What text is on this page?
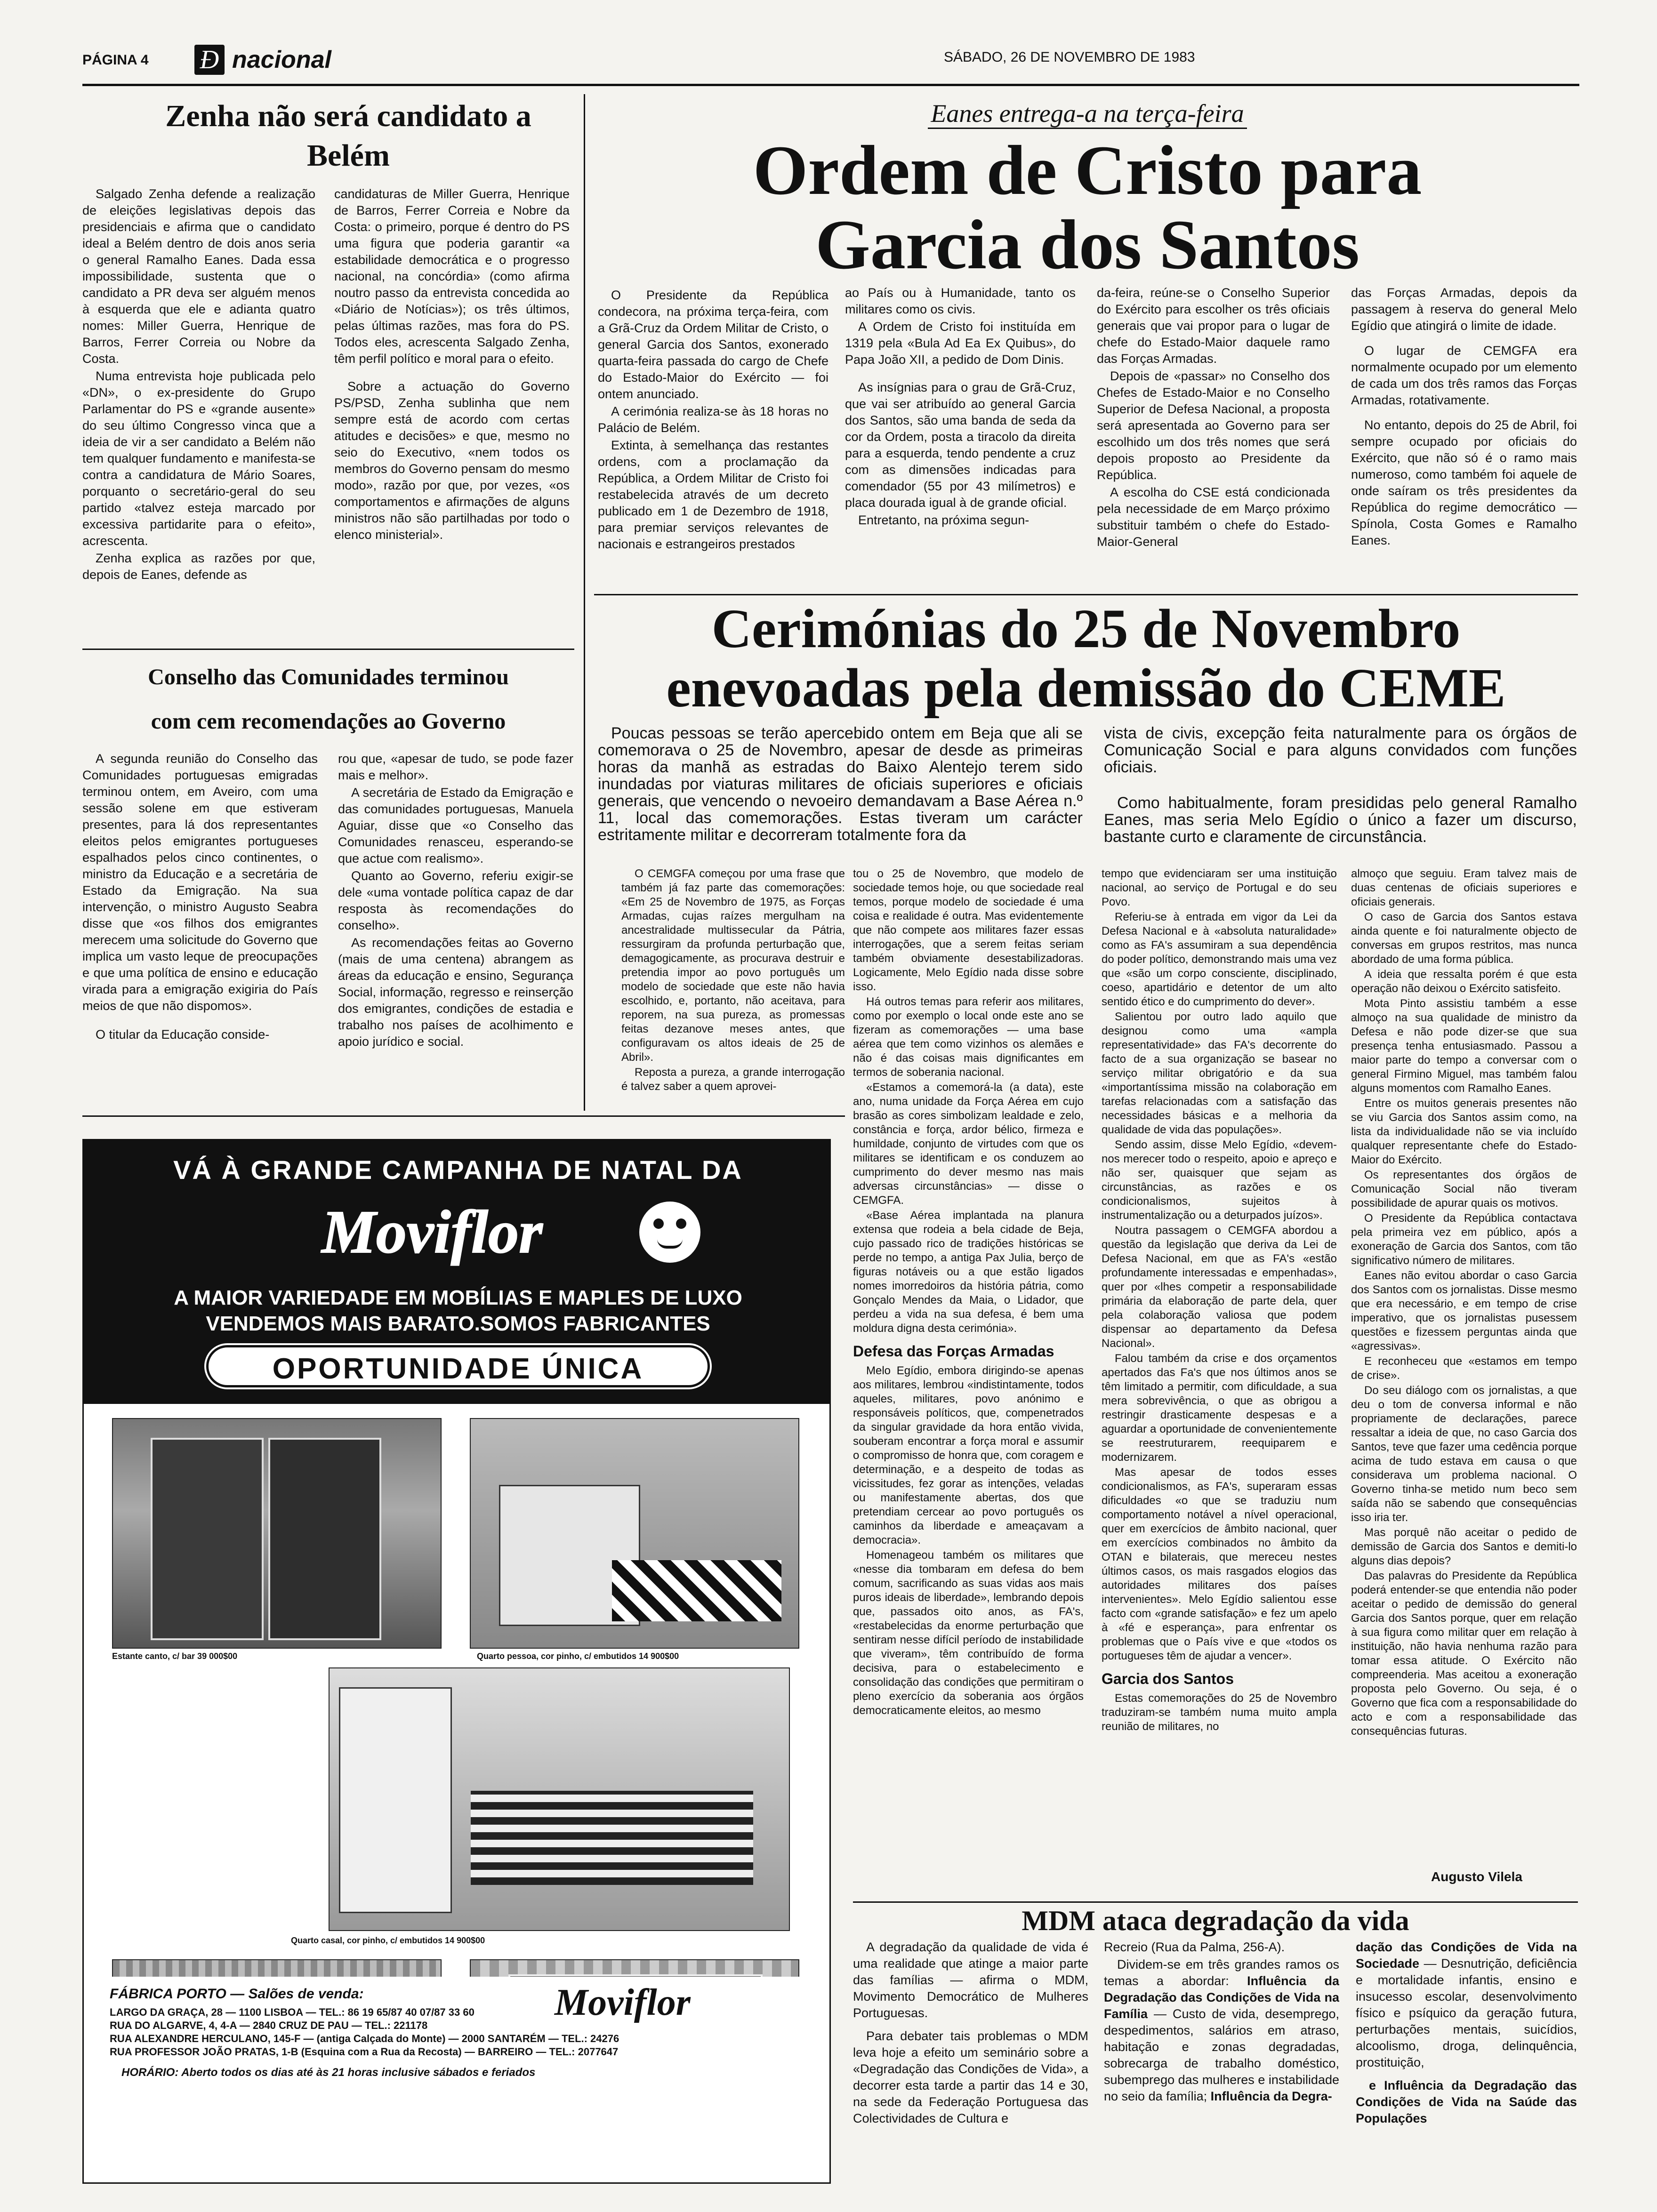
PÁGINA 4 Ɖ nacional	SÁBADO, 26 DE NOVEMBRO DE 1983
Zenha não será candidato a Belém

Salgado Zenha defende a realização de eleições legislativas depois das presidenciais e afirma que o candidato ideal a Belém dentro de dois anos seria o general Ramalho Eanes. Dada essa impossibilidade, sustenta que o candidato a PR deva ser alguém menos à esquerda que ele e adianta quatro nomes: Miller Guerra, Henrique de Barros, Ferrer Correia ou Nobre da Costa.

Numa entrevista hoje publicada pelo «DN», o ex-presidente do Grupo Parlamentar do PS e «grande ausente» do seu último Congresso vinca que a ideia de vir a ser candidato a Belém não tem qualquer fundamento e manifesta-se contra a candidatura de Mário Soares, porquanto o secretário-geral do seu partido «talvez esteja marcado por excessiva partidarite para o efeito», acrescenta.

Zenha explica as razões por que, depois de Eanes, defende as

candidaturas de Miller Guerra, Henrique de Barros, Ferrer Correia e Nobre da Costa: o primeiro, porque é dentro do PS uma figura que poderia garantir «a estabilidade democrática e o progresso nacional, na concórdia» (como afirma noutro passo da entrevista concedida ao «Diário de Notícias»); os três últimos, pelas últimas razões, mas fora do PS. Todos eles, acrescenta Salgado Zenha, têm perfil político e moral para o efeito.

Sobre a actuação do Governo PS/PSD, Zenha sublinha que nem sempre está de acordo com certas atitudes e decisões» e que, mesmo no seio do Executivo, «nem todos os membros do Governo pensam do mesmo modo», razão por que, por vezes, «os comportamentos e afirmações de alguns ministros não são partilhadas por todo o elenco ministerial».

Eanes entrega-a na terça-feira
Ordem de Cristo para
Garcia dos Santos

O Presidente da República condecora, na próxima terça-feira, com a Grã-Cruz da Ordem Militar de Cristo, o general Garcia dos Santos, exonerado quarta-feira passada do cargo de Chefe do Estado-Maior do Exército — foi ontem anunciado.

A cerimónia realiza-se às 18 horas no Palácio de Belém.

Extinta, à semelhança das restantes ordens, com a proclamação da República, a Ordem Militar de Cristo foi restabelecida através de um decreto publicado em 1 de Dezembro de 1918, para premiar serviços relevantes de nacionais e estrangeiros prestados

ao País ou à Humanidade, tanto os militares como os civis.

A Ordem de Cristo foi instituída em 1319 pela «Bula Ad Ea Ex Quibus», do Papa João XII, a pedido de Dom Dinis.

As insígnias para o grau de Grã-Cruz, que vai ser atribuído ao general Garcia dos Santos, são uma banda de seda da cor da Ordem, posta a tiracolo da direita para a esquerda, tendo pendente a cruz com as dimensões indicadas para comendador (55 por 43 milímetros) e placa dourada igual à de grande oficial.

Entretanto, na próxima segun-

da-feira, reúne-se o Conselho Superior do Exército para escolher os três oficiais generais que vai propor para o lugar de chefe do Estado-Maior daquele ramo das Forças Armadas.

Depois de «passar» no Conselho dos Chefes de Estado-Maior e no Conselho Superior de Defesa Nacional, a proposta será apresentada ao Governo para ser escolhido um dos três nomes que será depois proposto ao Presidente da República.

A escolha do CSE está condicionada pela necessidade de em Março próximo substituir também o chefe do Estado-Maior-General

das Forças Armadas, depois da passagem à reserva do general Melo Egídio que atingirá o limite de idade.

O lugar de CEMGFA era normalmente ocupado por um elemento de cada um dos três ramos das Forças Armadas, rotativamente.

No entanto, depois do 25 de Abril, foi sempre ocupado por oficiais do Exército, que não só é o ramo mais numeroso, como também foi aquele de onde saíram os três presidentes da República do regime democrático — Spínola, Costa Gomes e Ramalho Eanes.

Conselho das Comunidades terminou
com cem recomendações ao Governo

A segunda reunião do Conselho das Comunidades portuguesas emigradas terminou ontem, em Aveiro, com uma sessão solene em que estiveram presentes, para lá dos representantes eleitos pelos emigrantes portugueses espalhados pelos cinco continentes, o ministro da Educação e a secretária de Estado da Emigração. Na sua intervenção, o ministro Augusto Seabra disse que «os filhos dos emigrantes merecem uma solicitude do Governo que implica um vasto leque de preocupações e que uma política de ensino e educação virada para a emigração exigiria do País meios de que não dispomos».

O titular da Educação conside-

rou que, «apesar de tudo, se pode fazer mais e melhor».

A secretária de Estado da Emigração e das comunidades portuguesas, Manuela Aguiar, disse que «o Conselho das Comunidades renasceu, esperando-se que actue com realismo».

Quanto ao Governo, referiu exigir-se dele «uma vontade política capaz de dar resposta às recomendações do conselho».

As recomendações feitas ao Governo (mais de uma centena) abrangem as áreas da educação e ensino, Segurança Social, informação, regresso e reinserção dos emigrantes, condições de estadia e trabalho nos países de acolhimento e apoio jurídico e social.

Cerimónias do 25 de Novembro
enevoadas pela demissão do CEME

Poucas pessoas se terão apercebido ontem em Beja que ali se comemorava o 25 de Novembro, apesar de desde as primeiras horas da manhã as estradas do Baixo Alentejo terem sido inundadas por viaturas militares de oficiais superiores e oficiais generais, que vencendo o nevoeiro demandavam a Base Aérea n.º 11, local das comemorações. Estas tiveram um carácter estritamente militar e decorreram totalmente fora da

vista de civis, excepção feita naturalmente para os órgãos de Comunicação Social e para alguns convidados com funções oficiais.

Como habitualmente, foram presididas pelo general Ramalho Eanes, mas seria Melo Egídio o único a fazer um discurso, bastante curto e claramente de circunstância.

O CEMGFA começou por uma frase que também já faz parte das comemorações: «Em 25 de Novembro de 1975, as Forças Armadas, cujas raízes mergulham na ancestralidade multissecular da Pátria, ressurgiram da profunda perturbação que, demagogicamente, as procurava destruir e pretendia impor ao povo português um modelo de sociedade que este não havia escolhido, e, portanto, não aceitava, para reporem, na sua pureza, as promessas feitas dezanove meses antes, que configuravam os altos ideais de 25 de Abril».

Reposta a pureza, a grande interrogação é talvez saber a quem aprovei-

tou o 25 de Novembro, que modelo de sociedade temos hoje, ou que sociedade real temos, porque modelo de sociedade é uma coisa e realidade é outra. Mas evidentemente que não compete aos militares fazer essas interrogações, que a serem feitas seriam também obviamente desestabilizadoras. Logicamente, Melo Egídio nada disse sobre isso.

Há outros temas para referir aos militares, como por exemplo o local onde este ano se fizeram as comemorações — uma base aérea que tem como vizinhos os alemães e não é das coisas mais dignificantes em termos de soberania nacional.

«Estamos a comemorá-la (a data), este ano, numa unidade da Força Aérea em cujo brasão as cores simbolizam lealdade e zelo, constância e força, ardor bélico, firmeza e humildade, conjunto de virtudes com que os militares se identificam e os conduzem ao cumprimento do dever mesmo nas mais adversas circunstâncias» — disse o CEMGFA.

«Base Aérea implantada na planura extensa que rodeia a bela cidade de Beja, cujo passado rico de tradições históricas se perde no tempo, a antiga Pax Julia, berço de figuras notáveis ou a que estão ligados nomes imorredoiros da história pátria, como Gonçalo Mendes da Maia, o Lidador, que perdeu a vida na sua defesa, é bem uma moldura digna desta cerimónia».

Defesa das Forças Armadas

Melo Egídio, embora dirigindo-se apenas aos militares, lembrou «indistintamente, todos aqueles, militares, povo anónimo e responsáveis políticos, que, compenetrados da singular gravidade da hora então vivida, souberam encontrar a força moral e assumir o compromisso de honra que, com coragem e determinação, e a despeito de todas as vicissitudes, fez gorar as intenções, veladas ou manifestamente abertas, dos que pretendiam cercear ao povo português os caminhos da liberdade e ameaçavam a democracia».

Homenageou também os militares que «nesse dia tombaram em defesa do bem comum, sacrificando as suas vidas aos mais puros ideais de liberdade», lembrando depois que, passados oito anos, as FA's, «restabelecidas da enorme perturbação que sentiram nesse difícil período de instabilidade que viveram», têm contribuído de forma decisiva, para o estabelecimento e consolidação das condições que permitiram o pleno exercício da soberania aos órgãos democraticamente eleitos, ao mesmo

tempo que evidenciaram ser uma instituição nacional, ao serviço de Portugal e do seu Povo.

Referiu-se à entrada em vigor da Lei da Defesa Nacional e à «absoluta naturalidade» como as FA's assumiram a sua dependência do poder político, demonstrando mais uma vez que «são um corpo consciente, disciplinado, coeso, apartidário e detentor de um alto sentido ético e do cumprimento do dever».

Salientou por outro lado aquilo que designou como uma «ampla representatividade» das FA's decorrente do facto de a sua organização se basear no serviço militar obrigatório e da sua «importantíssima missão na colaboração em tarefas relacionadas com a satisfação das necessidades básicas e a melhoria da qualidade de vida das populações».

Sendo assim, disse Melo Egídio, «devem-nos merecer todo o respeito, apoio e apreço e não ser, quaisquer que sejam as circunstâncias, as razões e os condicionalismos, sujeitos à instrumentalização ou a deturpados juízos».

Noutra passagem o CEMGFA abordou a questão da legislação que deriva da Lei de Defesa Nacional, em que as FA's «estão profundamente interessadas e empenhadas», quer por «lhes competir a responsabilidade primária da elaboração de parte dela, quer pela colaboração valiosa que podem dispensar ao departamento da Defesa Nacional».

Falou também da crise e dos orçamentos apertados das Fa's que nos últimos anos se têm limitado a permitir, com dificuldade, a sua mera sobrevivência, o que as obrigou a restringir drasticamente despesas e a aguardar a oportunidade de convenientemente se reestruturarem, reequiparem e modernizarem.

Mas apesar de todos esses condicionalismos, as FA's, superaram essas dificuldades «o que se traduziu num comportamento notável a nível operacional, quer em exercícios de âmbito nacional, quer em exercícios combinados no âmbito da OTAN e bilaterais, que mereceu nestes últimos casos, os mais rasgados elogios das autoridades militares dos países intervenientes». Melo Egídio salientou esse facto com «grande satisfação» e fez um apelo à «fé e esperança», para enfrentar os problemas que o País vive e que «todos os portugueses têm de ajudar a vencer».

Garcia dos Santos

Estas comemorações do 25 de Novembro traduziram-se também numa muito ampla reunião de militares, no

almoço que seguiu. Eram talvez mais de duas centenas de oficiais superiores e oficiais generais.

O caso de Garcia dos Santos estava ainda quente e foi naturalmente objecto de conversas em grupos restritos, mas nunca abordado de uma forma pública.

A ideia que ressalta porém é que esta operação não deixou o Exército satisfeito.

Mota Pinto assistiu também a esse almoço na sua qualidade de ministro da Defesa e não pode dizer-se que sua presença tenha entusiasmado. Passou a maior parte do tempo a conversar com o general Firmino Miguel, mas também falou alguns momentos com Ramalho Eanes.

Entre os muitos generais presentes não se viu Garcia dos Santos assim como, na lista da individualidade não se via incluído qualquer representante chefe do Estado-Maior do Exército.

Os representantes dos órgãos de Comunicação Social não tiveram possibilidade de apurar quais os motivos.

O Presidente da República contactava pela primeira vez em público, após a exoneração de Garcia dos Santos, com tão significativo número de militares.

Eanes não evitou abordar o caso Garcia dos Santos com os jornalistas. Disse mesmo que era necessário, e em tempo de crise imperativo, que os jornalistas pusessem questões e fizessem perguntas ainda que «agressivas».

E reconheceu que «estamos em tempo de crise».

Do seu diálogo com os jornalistas, a que deu o tom de conversa informal e não propriamente de declarações, parece ressaltar a ideia de que, no caso Garcia dos Santos, teve que fazer uma cedência porque acima de tudo estava em causa o que considerava um problema nacional. O Governo tinha-se metido num beco sem saída não se sabendo que consequências isso iria ter.

Mas porquê não aceitar o pedido de demissão de Garcia dos Santos e demiti-lo alguns dias depois?

Das palavras do Presidente da República poderá entender-se que entendia não poder aceitar o pedido de demissão do general Garcia dos Santos porque, quer em relação à sua figura como militar quer em relação à instituição, não havia nenhuma razão para tomar essa atitude. O Exército não compreenderia. Mas aceitou a exoneração proposta pelo Governo. Ou seja, é o Governo que fica com a responsabilidade do acto e com a responsabilidade das consequências futuras.

Augusto Vilela
MDM ataca degradação da vida

A degradação da qualidade de vida é uma realidade que atinge a maior parte das famílias — afirma o MDM, Movimento Democrático de Mulheres Portuguesas.

Para debater tais problemas o MDM leva hoje a efeito um seminário sobre a «Degradação das Condições de Vida», a decorrer esta tarde a partir das 14 e 30, na sede da Federação Portuguesa das Colectividades de Cultura e

Recreio (Rua da Palma, 256-A).

Dividem-se em três grandes ramos os temas a abordar: Influência da Degradação das Condições de Vida na Família — Custo de vida, desemprego, despedimentos, salários em atraso, habitação e zonas degradadas, sobrecarga de trabalho doméstico, subemprego das mulheres e instabilidade no seio da família; Influência da Degra-

dação das Condições de Vida na Sociedade — Desnutrição, deficiência e mortalidade infantis, ensino e insucesso escolar, desenvolvimento físico e psíquico da geração futura, perturbações mentais, suicídios, alcoolismo, droga, delinquência, prostituição,

e Influência da Degradação das Condições de Vida na Saúde das Populações

VÁ À GRANDE CAMPANHA DE NATAL DA
Moviflor
A MAIOR VARIEDADE EM MOBÍLIAS E MAPLES DE LUXO
VENDEMOS MAIS BARATO.SOMOS FABRICANTES
OPORTUNIDADE ÚNICA
Estante canto, c/ bar 39 000$00	Quarto pessoa, cor pinho, c/ embutidos 14 900$00
Quarto casal, cor pinho, c/ embutidos 14 900$00
FÁBRICA PORTO — Salões de venda:
LARGO DA GRAÇA, 28 — 1100 LISBOA — TEL.: 86 19 65/87 40 07/87 33 60
RUA DO ALGARVE, 4, 4-A — 2840 CRUZ DE PAU — TEL.: 221178
RUA ALEXANDRE HERCULANO, 145-F — (antiga Calçada do Monte) — 2000 SANTARÉM — TEL.: 24276
RUA PROFESSOR JOÃO PRATAS, 1-B (Esquina com a Rua da Recosta) — BARREIRO — TEL.: 2077647
Moviflor
HORÁRIO: Aberto todos os dias até às 21 horas inclusive sábados e feriados
